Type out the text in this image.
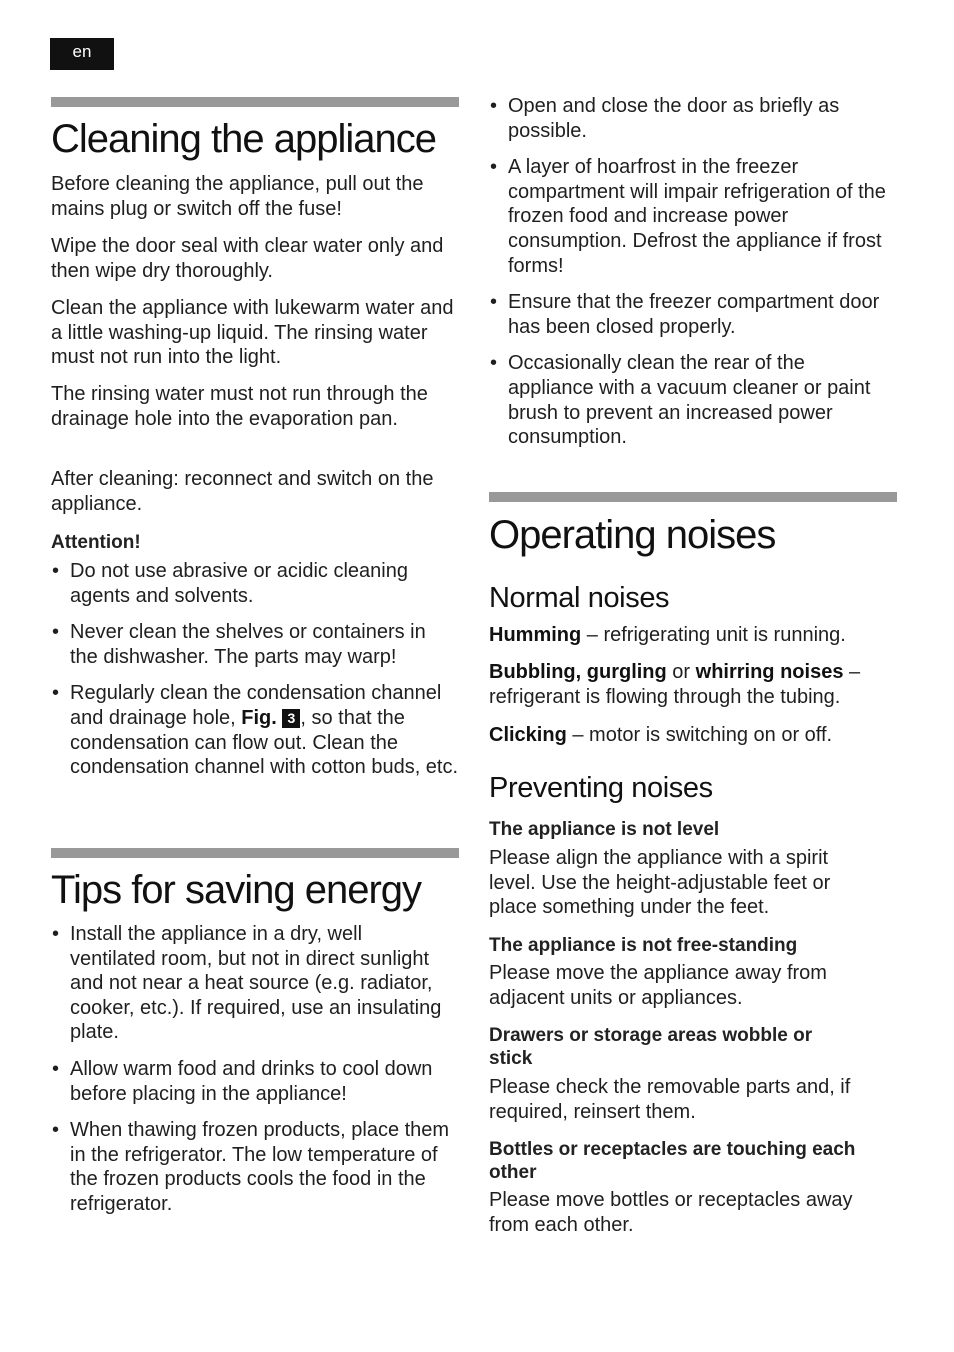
en
Cleaning the appliance

Before cleaning the appliance, pull out the mains plug or switch off the fuse!

Wipe the door seal with clear water only and then wipe dry thoroughly.

Clean the appliance with lukewarm water and a little washing-up liquid. The rinsing water must not run into the light.

The rinsing water must not run through the drainage hole into the evaporation pan.

After cleaning: reconnect and switch on the appliance.

Attention!

• Do not use abrasive or acidic cleaning agents and solvents.
• Never clean the shelves or containers in the dishwasher. The parts may warp!
• Regularly clean the condensation channel and drainage hole, Fig. 3 , so that the condensation can flow out. Clean the condensation channel with cotton buds, etc.
Tips for saving energy
• Install the appliance in a dry, well ventilated room, but not in direct sunlight and not near a heat source (e.g. radiator, cooker, etc.). If required, use an insulating plate.
• Allow warm food and drinks to cool down before placing in the appliance!
• When thawing frozen products, place them in the refrigerator. The low temperature of the frozen products cools the food in the refrigerator.
• Open and close the door as briefly as possible.
• A layer of hoarfrost in the freezer compartment will impair refrigeration of the frozen food and increase power consumption. Defrost the appliance if frost forms!
• Ensure that the freezer compartment door has been closed properly.
• Occasionally clean the rear of the appliance with a vacuum cleaner or paint brush to prevent an increased power consumption.
Operating noises
Normal noises

Humming – refrigerating unit is running.

Bubbling, gurgling or whirring noises – refrigerant is flowing through the tubing.

Clicking – motor is switching on or off.

Preventing noises

The appliance is not level

Please align the appliance with a spirit level. Use the height-adjustable feet or place something under the feet.

The appliance is not free-standing

Please move the appliance away from adjacent units or appliances.

Drawers or storage areas wobble or stick

Please check the removable parts and, if required, reinsert them.

Bottles or receptacles are touching each other

Please move bottles or receptacles away from each other.
